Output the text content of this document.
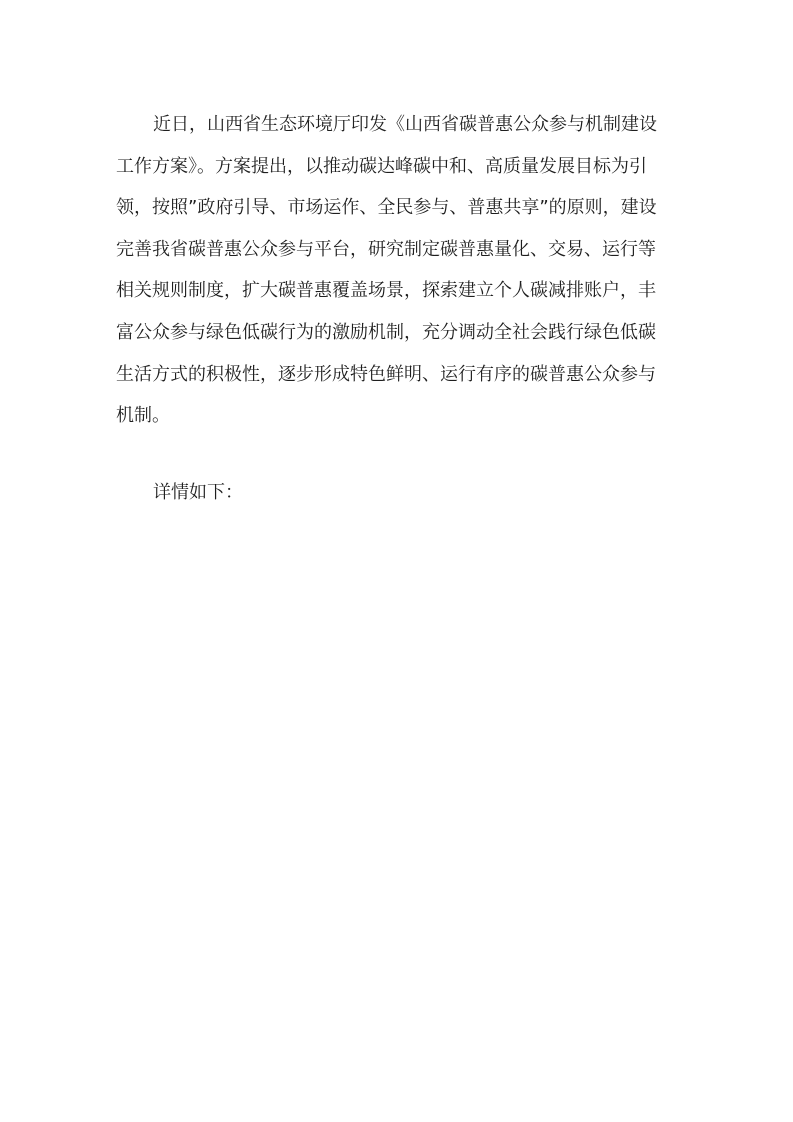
近日，山西省生态环境厅印发《山西省碳普惠公众参与机制建设
工作方案》。方案提出，以推动碳达峰碳中和、高质量发展目标为引
领，按照”政府引导、市场运作、全民参与、普惠共享”的原则，建设
完善我省碳普惠公众参与平台，研究制定碳普惠量化、交易、运行等
相关规则制度，扩大碳普惠覆盖场景，探索建立个人碳减排账户，丰
富公众参与绿色低碳行为的激励机制，充分调动全社会践行绿色低碳
生活方式的积极性，逐步形成特色鲜明、运行有序的碳普惠公众参与
机制。
详情如下：
